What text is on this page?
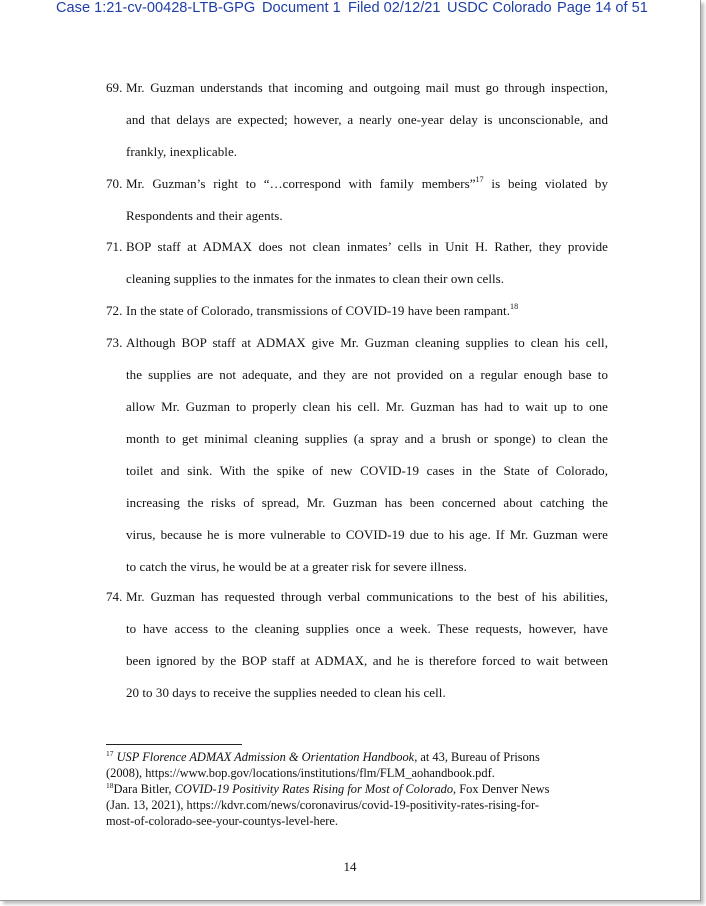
Case 1:21-cv-00428-LTB-GPG

Document 1

Filed 02/12/21

USDC Colorado

Page 14 of 51

69. Mr. Guzman understands that incoming and outgoing mail must go through inspection,
and that delays are expected; however, a nearly one-year delay is unconscionable, and
frankly, inexplicable.
70. Mr. Guzman’s right to “…correspond with family members”$^{17}$ is being violated by
Respondents and their agents.
71. BOP staff at ADMAX does not clean inmates’ cells in Unit H. Rather, they provide
cleaning supplies to the inmates for the inmates to clean their own cells.
72. In the state of Colorado, transmissions of COVID-19 have been rampant.$^{18}$
73. Although BOP staff at ADMAX give Mr. Guzman cleaning supplies to clean his cell,
the supplies are not adequate, and they are not provided on a regular enough base to
allow Mr. Guzman to properly clean his cell. Mr. Guzman has had to wait up to one
month to get minimal cleaning supplies (a spray and a brush or sponge) to clean the
toilet and sink. With the spike of new COVID-19 cases in the State of Colorado,
increasing the risks of spread, Mr. Guzman has been concerned about catching the
virus, because he is more vulnerable to COVID-19 due to his age. If Mr. Guzman were
to catch the virus, he would be at a greater risk for severe illness.
74. Mr. Guzman has requested through verbal communications to the best of his abilities,
to have access to the cleaning supplies once a week. These requests, however, have
been ignored by the BOP staff at ADMAX, and he is therefore forced to wait between
20 to 30 days to receive the supplies needed to clean his cell.
$^{17}$ USP Florence ADMAX Admission & Orientation Handbook, at 43, Bureau of Prisons
(2008), https://www.bop.gov/locations/institutions/flm/FLM_aohandbook.pdf.
$^{18}$Dara Bitler, COVID-19 Positivity Rates Rising for Most of Colorado, Fox Denver News
(Jan. 13, 2021), https://kdvr.com/news/coronavirus/covid-19-positivity-rates-rising-for-
most-of-colorado-see-your-countys-level-here.
14
